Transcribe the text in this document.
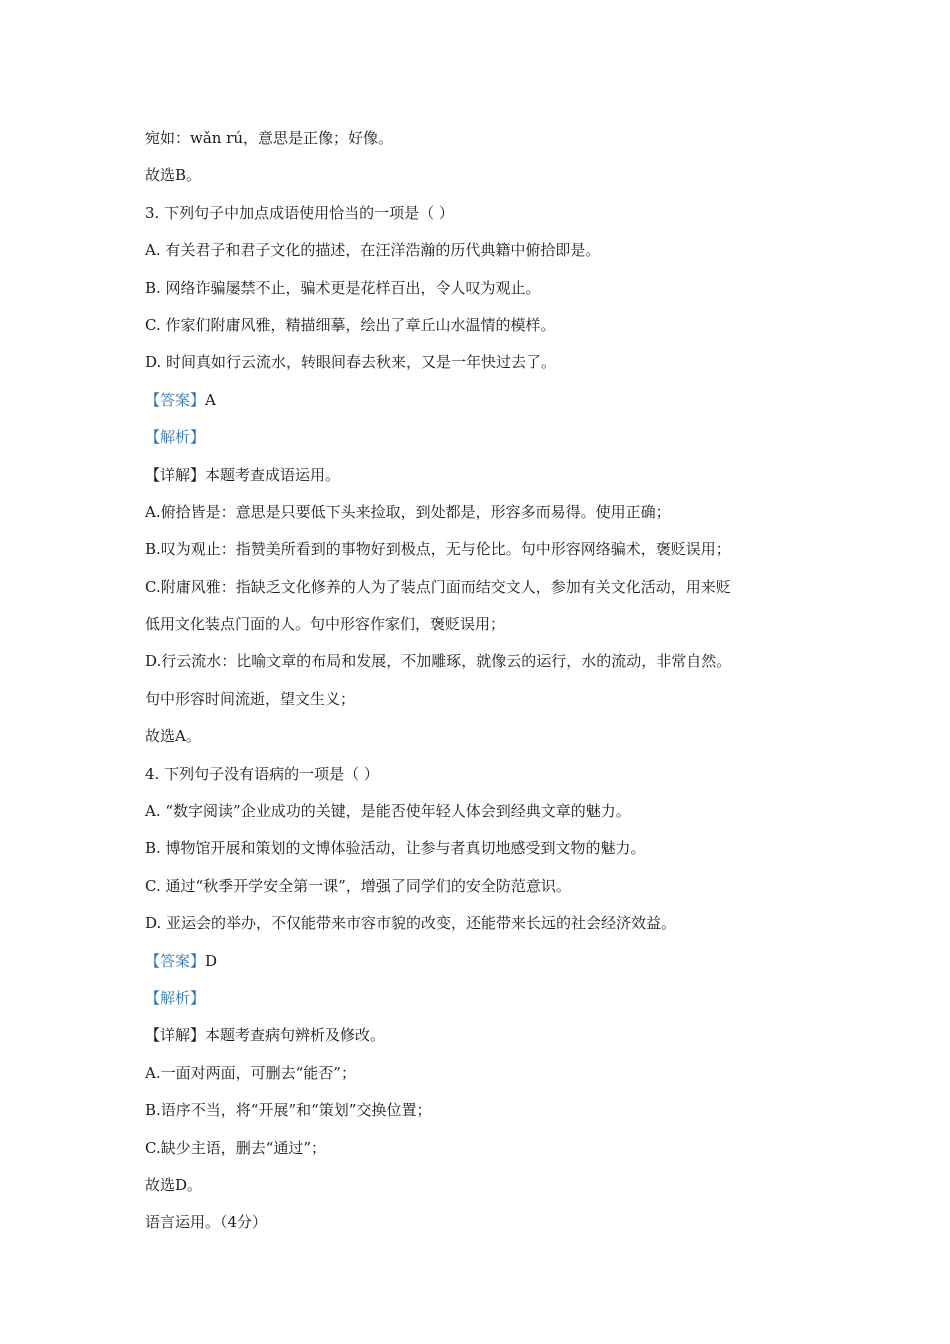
宛如：wǎn rú，意思是正像；好像。
故选B。
3. 下列句子中加点成语使用恰当的一项是（ ）
A. 有关君子和君子文化的描述，在汪洋浩瀚的历代典籍中俯拾即是。
B. 网络诈骗屡禁不止，骗术更是花样百出，令人叹为观止。
C. 作家们附庸风雅，精描细摹，绘出了章丘山水温情的模样。
D. 时间真如行云流水，转眼间春去秋来，又是一年快过去了。
【答案】A
【解析】
【详解】本题考查成语运用。
A.俯拾皆是：意思是只要低下头来捡取，到处都是，形容多而易得。使用正确；
B.叹为观止：指赞美所看到的事物好到极点，无与伦比。句中形容网络骗术，褒贬误用；
C.附庸风雅：指缺乏文化修养的人为了装点门面而结交文人，参加有关文化活动，用来贬
低用文化装点门面的人。句中形容作家们，褒贬误用；
D.行云流水：比喻文章的布局和发展，不加雕琢，就像云的运行，水的流动，非常自然。
句中形容时间流逝，望文生义；
故选A。
4. 下列句子没有语病的一项是（ ）
A. “数字阅读”企业成功的关键，是能否使年轻人体会到经典文章的魅力。
B. 博物馆开展和策划的文博体验活动，让参与者真切地感受到文物的魅力。
C. 通过“秋季开学安全第一课”，增强了同学们的安全防范意识。
D. 亚运会的举办，不仅能带来市容市貌的改变，还能带来长远的社会经济效益。
【答案】D
【解析】
【详解】本题考查病句辨析及修改。
A.一面对两面，可删去“能否”；
B.语序不当，将“开展”和“策划”交换位置；
C.缺少主语，删去“通过”；
故选D。
语言运用。（4分）
